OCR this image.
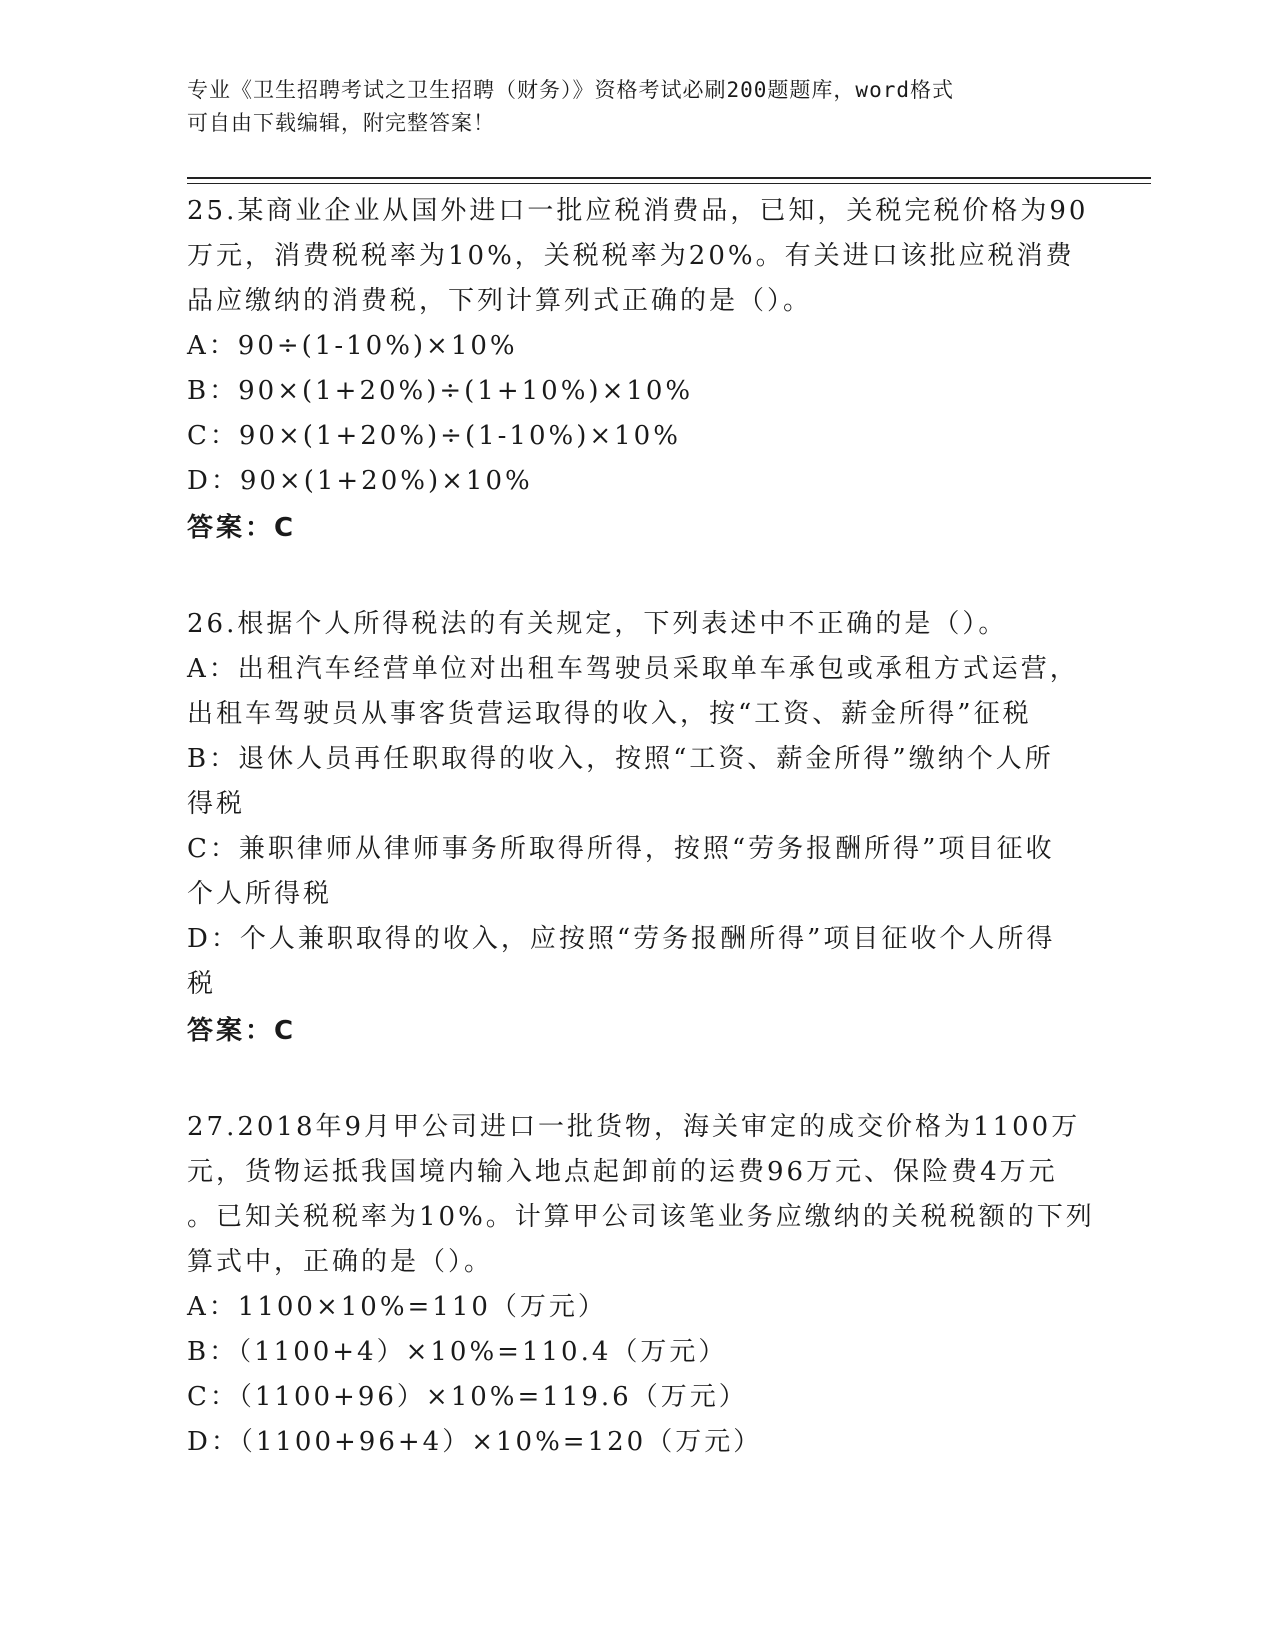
专业《卫生招聘考试之卫生招聘（财务）》资格考试必刷200题题库，word格式
可自由下载编辑，附完整答案！
25.某商业企业从国外进口一批应税消费品，已知，关税完税价格为90
万元，消费税税率为10%，关税税率为20%。有关进口该批应税消费
品应缴纳的消费税，下列计算列式正确的是（）。
A：90÷(1-10%)×10%
B：90×(1+20%)÷(1+10%)×10%
C：90×(1+20%)÷(1-10%)×10%
D：90×(1+20%)×10%
答案：C
26.根据个人所得税法的有关规定，下列表述中不正确的是（）。
A：出租汽车经营单位对出租车驾驶员采取单车承包或承租方式运营，
出租车驾驶员从事客货营运取得的收入，按“工资、薪金所得”征税
B：退休人员再任职取得的收入，按照“工资、薪金所得”缴纳个人所
得税
C：兼职律师从律师事务所取得所得，按照“劳务报酬所得”项目征收
个人所得税
D：个人兼职取得的收入，应按照“劳务报酬所得”项目征收个人所得
税
答案：C
27.2018年9月甲公司进口一批货物，海关审定的成交价格为1100万
元，货物运抵我国境内输入地点起卸前的运费96万元、保险费4万元
。已知关税税率为10%。计算甲公司该笔业务应缴纳的关税税额的下列
算式中，正确的是（）。
A：1100×10%=110（万元）
B：（1100+4）×10%=110.4（万元）
C：（1100+96）×10%=119.6（万元）
D：（1100+96+4）×10%=120（万元）
